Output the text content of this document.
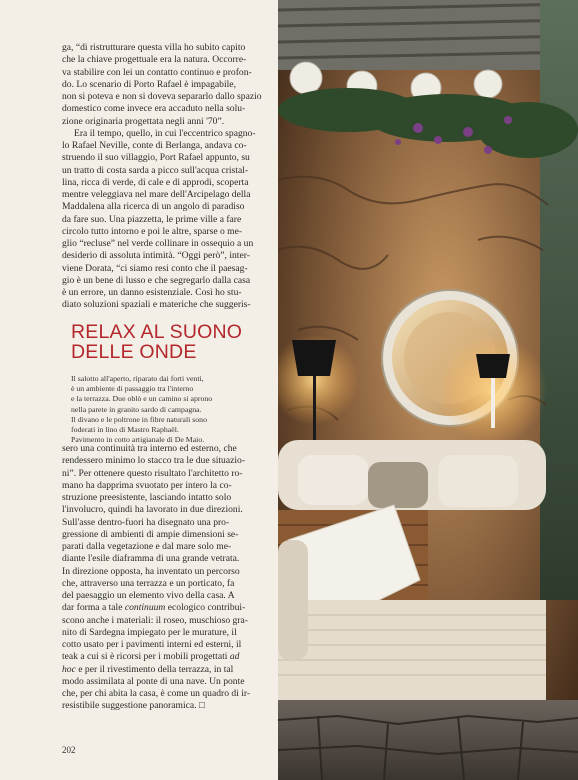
ga, “di ristrutturare questa villa ho subito capito
che la chiave progettuale era la natura. Occorre-
va stabilire con lei un contatto continuo e profon-
do. Lo scenario di Porto Rafael è impagabile,
non si poteva e non si doveva separarlo dallo spazio
domestico come invece era accaduto nella solu-
zione originaria progettata negli anni '70”.

Era il tempo, quello, in cui l'eccentrico spagno-
lo Rafael Neville, conte di Berlanga, andava co-
struendo il suo villaggio, Port Rafael appunto, su
un tratto di costa sarda a picco sull'acqua cristal-
lina, ricca di verde, di cale e di approdi, scoperta
mentre veleggiava nel mare dell'Arcipelago della
Maddalena alla ricerca di un angolo di paradiso
da fare suo. Una piazzetta, le prime ville a fare
circolo tutto intorno e poi le altre, sparse o me-
glio “recluse” nel verde collinare in ossequio a un
desiderio di assoluta intimità. “Oggi però”, inter-
viene Dorata, “ci siamo resi conto che il paesag-
gio è un bene di lusso e che segregarlo dalla casa
è un errore, un danno esistenziale. Così ho stu-
diato soluzioni spaziali e materiche che suggeris-

RELAX AL SUONO
DELLE ONDE

Il salotto all'aperto, riparato dai forti venti,
è un ambiente di passaggio tra l'interno
e la terrazza. Due oblò e un camino si aprono
nella parete in granito sardo di campagna.
Il divano e le poltrone in fibre naturali sono
foderati in lino di Mastro Raphaël.
Pavimento in cotto artigianale di De Maio.

sero una continuità tra interno ed esterno, che
rendessero minimo lo stacco tra le due situazio-
ni”. Per ottenere questo risultato l'architetto ro-
mano ha dapprima svuotato per intero la co-
struzione preesistente, lasciando intatto solo
l'involucro, quindi ha lavorato in due direzioni.
Sull'asse dentro-fuori ha disegnato una pro-
gressione di ambienti di ampie dimensioni se-
parati dalla vegetazione e dal mare solo me-
diante l'esile diaframma di una grande vetrata.
In direzione opposta, ha inventato un percorso
che, attraverso una terrazza e un porticato, fa
del paesaggio un elemento vivo della casa. A
dar forma a tale continuum ecologico contribui-
scono anche i materiali: il roseo, muschioso gra-
nito di Sardegna impiegato per le murature, il
cotto usato per i pavimenti interni ed esterni, il
teak a cui si è ricorsi per i mobili progettati ad
hoc e per il rivestimento della terrazza, in tal
modo assimilata al ponte di una nave. Un ponte
che, per chi abita la casa, è come un quadro di ir-
resistibile suggestione panoramica. □

202
